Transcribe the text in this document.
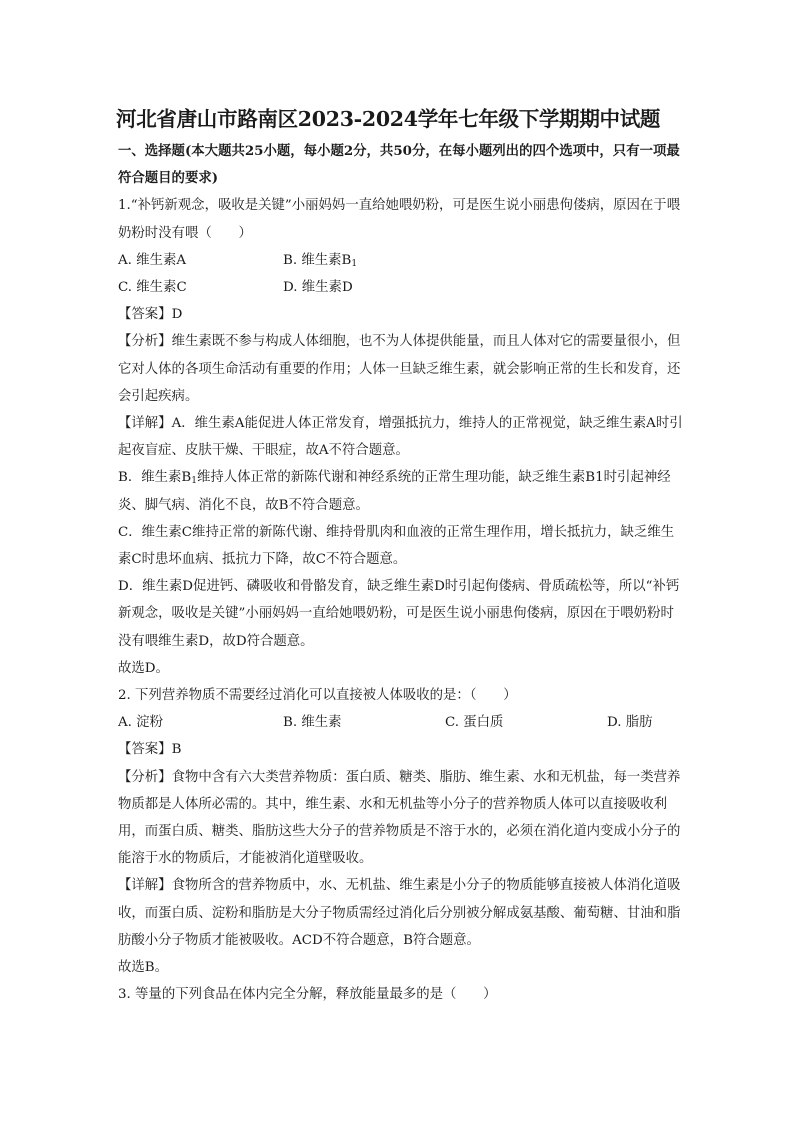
河北省唐山市路南区2023-2024学年七年级下学期期中试题

一、选择题(本大题共25小题，每小题2分，共50分，在每小题列出的四个选项中，只有一项最符合题目的要求)

1.“补钙新观念，吸收是关键”小丽妈妈一直给她喂奶粉，可是医生说小丽患佝偻病，原因在于喂奶粉时没有喂（　　）

A. 维生素A	B. 维生素$B_1$
C. 维生素C	D. 维生素D

【答案】D

【分析】维生素既不参与构成人体细胞，也不为人体提供能量，而且人体对它的需要量很小，但它对人体的各项生命活动有重要的作用；人体一旦缺乏维生素，就会影响正常的生长和发育，还会引起疾病。

【详解】A．维生素A能促进人体正常发育，增强抵抗力，维持人的正常视觉，缺乏维生素A时引起夜盲症、皮肤干燥、干眼症，故A不符合题意。

B．维生素$B_1$维持人体正常的新陈代谢和神经系统的正常生理功能，缺乏维生素B1时引起神经炎、脚气病、消化不良，故B不符合题意。

C．维生素C维持正常的新陈代谢、维持骨肌肉和血液的正常生理作用，增长抵抗力，缺乏维生素C时患坏血病、抵抗力下降，故C不符合题意。

D．维生素D促进钙、磷吸收和骨骼发育，缺乏维生素D时引起佝偻病、骨质疏松等，所以“补钙新观念，吸收是关键”小丽妈妈一直给她喂奶粉，可是医生说小丽患佝偻病，原因在于喂奶粉时没有喂维生素D，故D符合题意。

故选D。

2. 下列营养物质不需要经过消化可以直接被人体吸收的是：（　　）

A. 淀粉	B. 维生素	C. 蛋白质	D. 脂肪

【答案】B

【分析】食物中含有六大类营养物质：蛋白质、糖类、脂肪、维生素、水和无机盐，每一类营养物质都是人体所必需的。其中，维生素、水和无机盐等小分子的营养物质人体可以直接吸收利用，而蛋白质、糖类、脂肪这些大分子的营养物质是不溶于水的，必须在消化道内变成小分子的能溶于水的物质后，才能被消化道壁吸收。

【详解】食物所含的营养物质中，水、无机盐、维生素是小分子的物质能够直接被人体消化道吸收，而蛋白质、淀粉和脂肪是大分子物质需经过消化后分别被分解成氨基酸、葡萄糖、甘油和脂肪酸小分子物质才能被吸收。ACD不符合题意，B符合题意。

故选B。

3. 等量的下列食品在体内完全分解，释放能量最多的是（　　）
